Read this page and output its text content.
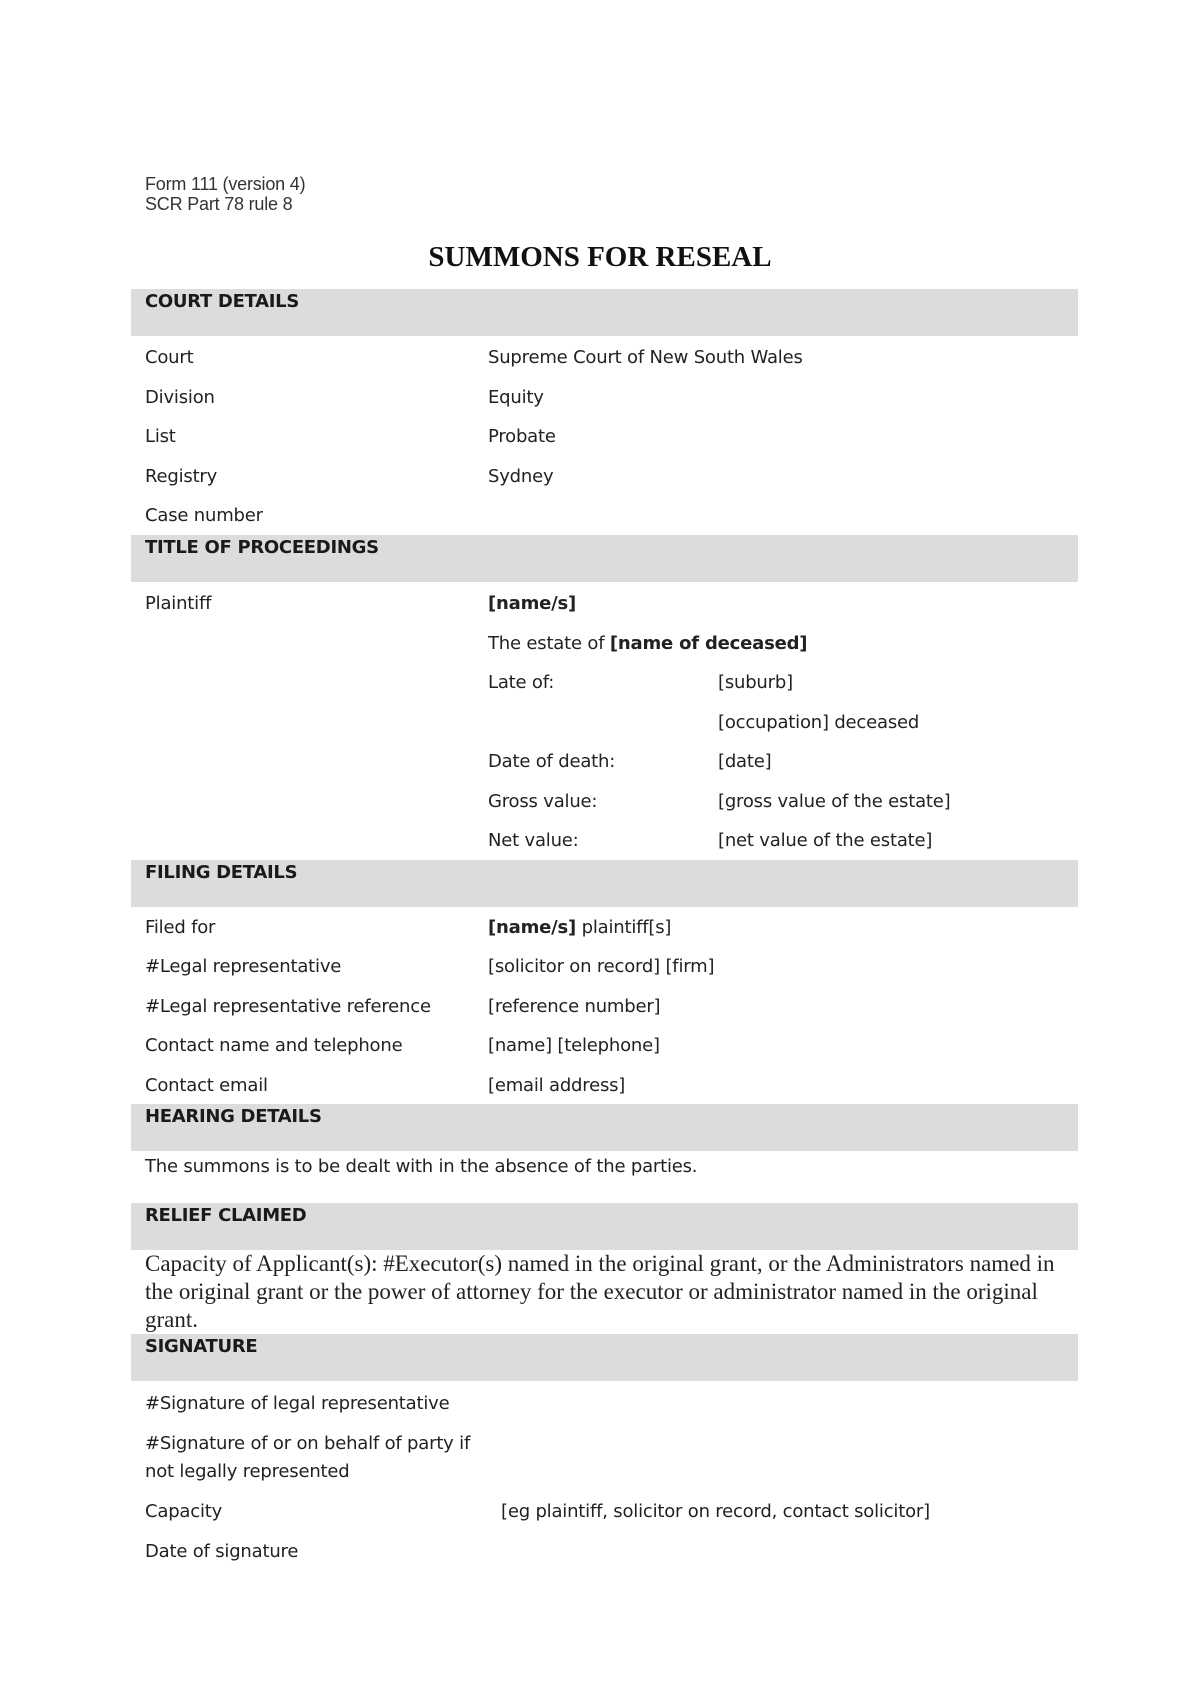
Form 111 (version 4)
SCR Part 78 rule 8
SUMMONS FOR RESEAL
COURT DETAILS
Court	Supreme Court of New South Wales
Division	Equity
List	Probate
Registry	Sydney
Case number
TITLE OF PROCEEDINGS
Plaintiff	[name/s]
The estate of [name of deceased]
Late of:	[suburb]
[occupation] deceased
Date of death:	[date]
Gross value:	[gross value of the estate]
Net value:	[net value of the estate]
FILING DETAILS
Filed for	[name/s] plaintiff[s]
#Legal representative	[solicitor on record] [firm]
#Legal representative reference	[reference number]
Contact name and telephone	[name] [telephone]
Contact email	[email address]
HEARING DETAILS
The summons is to be dealt with in the absence of the parties.
RELIEF CLAIMED
Capacity of Applicant(s): #Executor(s) named in the original grant, or the Administrators named in the original grant or the power of attorney for the executor or administrator named in the original grant.
SIGNATURE
#Signature of legal representative
#Signature of or on behalf of party if
not legally represented
Capacity	[eg plaintiff, solicitor on record, contact solicitor]
Date of signature
